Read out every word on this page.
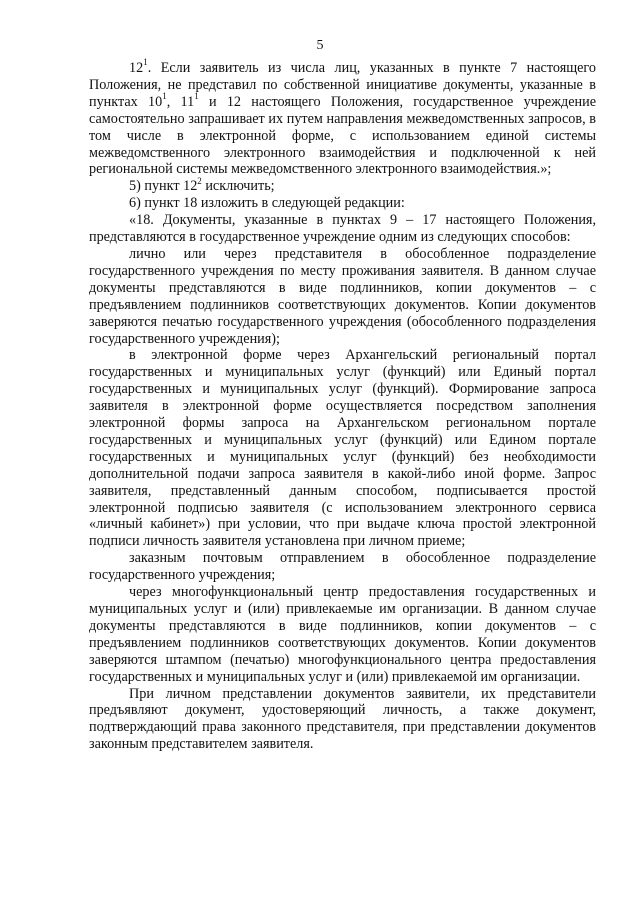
5

$12^1$. Если заявитель из числа лиц, указанных в пункте 7 настоящего Положения, не представил по собственной инициативе документы, указанные в пунктах $10^1$, $11^1$ и 12 настоящего Положения, государственное учреждение самостоятельно запрашивает их путем направления межведомственных запросов, в том числе в электронной форме, с использованием единой системы межведомственного электронного взаимодействия и подключенной к ней региональной системы межведомственного электронного взаимодействия.»;

5) пункт $12^2$ исключить;

6) пункт 18 изложить в следующей редакции:

«18. Документы, указанные в пунктах 9 – 17 настоящего Положения, представляются в государственное учреждение одним из следующих способов:

лично или через представителя в обособленное подразделение государственного учреждения по месту проживания заявителя. В данном случае документы представляются в виде подлинников, копии документов – с предъявлением подлинников соответствующих документов. Копии документов заверяются печатью государственного учреждения (обособленного подразделения государственного учреждения);

в электронной форме через Архангельский региональный портал государственных и муниципальных услуг (функций) или Единый портал государственных и муниципальных услуг (функций). Формирование запроса заявителя в электронной форме осуществляется посредством заполнения электронной формы запроса на Архангельском региональном портале государственных и муниципальных услуг (функций) или Едином портале государственных и муниципальных услуг (функций) без необходимости дополнительной подачи запроса заявителя в какой-либо иной форме. Запрос заявителя, представленный данным способом, подписывается простой электронной подписью заявителя (с использованием электронного сервиса «личный кабинет») при условии, что при выдаче ключа простой электронной подписи личность заявителя установлена при личном приеме;

заказным почтовым отправлением в обособленное подразделение государственного учреждения;

через многофункциональный центр предоставления государственных и муниципальных услуг и (или) привлекаемые им организации. В данном случае документы представляются в виде подлинников, копии документов – с предъявлением подлинников соответствующих документов. Копии документов заверяются штампом (печатью) многофункционального центра предоставления государственных и муниципальных услуг и (или) привлекаемой им организации.

При личном представлении документов заявители, их представители предъявляют документ, удостоверяющий личность, а также документ, подтверждающий права законного представителя, при представлении документов законным представителем заявителя.
